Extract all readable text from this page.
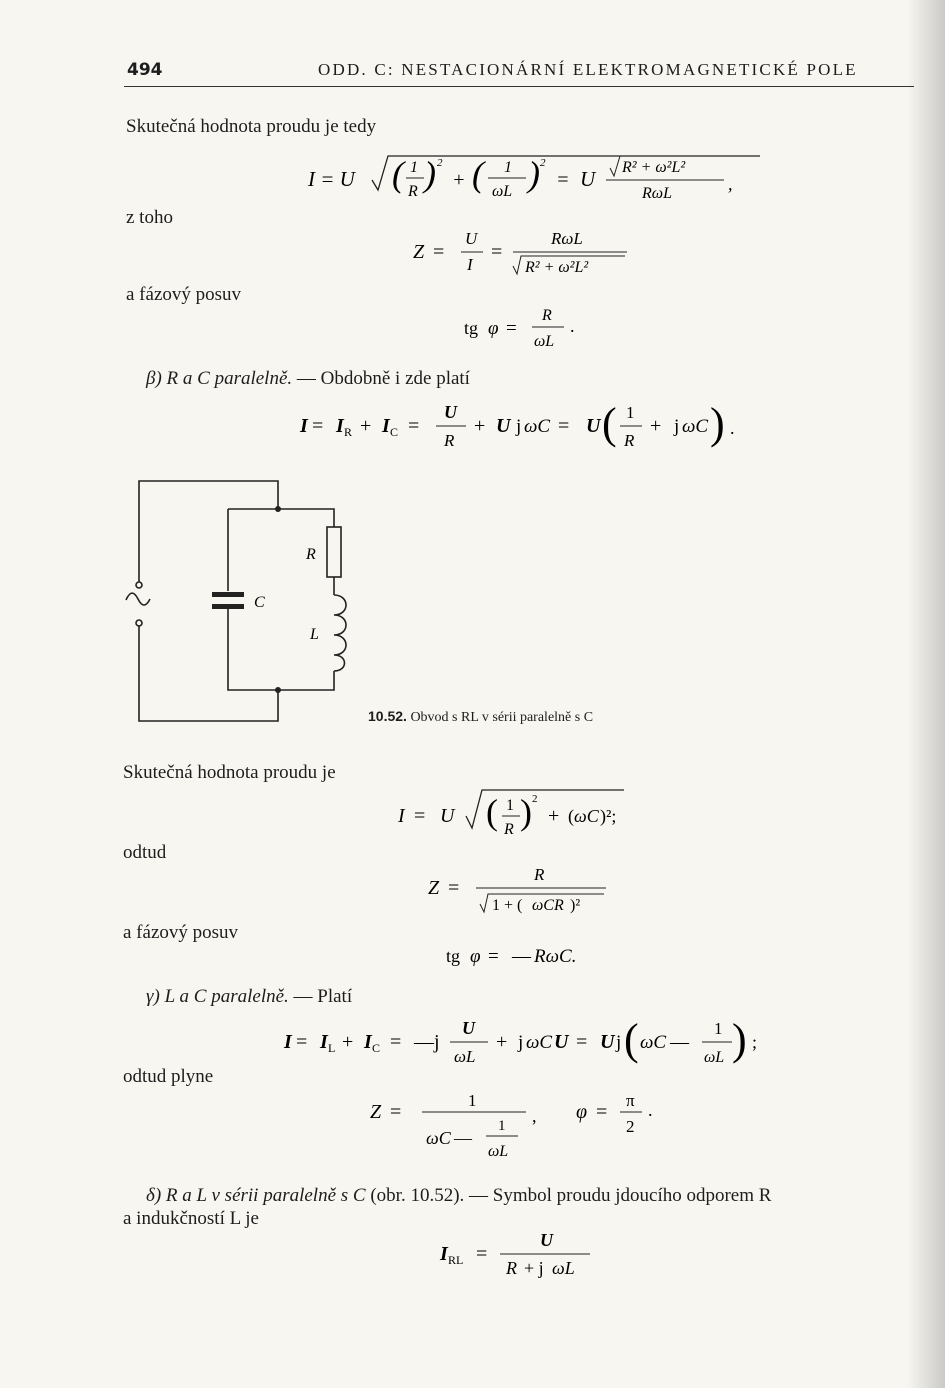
494	ODD. C: NESTACIONÁRNÍ ELEKTROMAGNETICKÉ POLE
Skutečná hodnota proudu je tedy
I = U ( 1
R ) 2
+ ( 1
ωL ) 2
= U R² + ω²L²
RωL	,
z toho
Z =
U
I
=
RωL
R² + ω²L²
a fázový posuv
tg φ =
R
ωL
.
β) R a C paralelně. — Obdobně i zde platí
I = I R + I C =
U
R
+ U j ωC = U ( 1
R
+ j ωC ) .
R
C
L
10.52. Obvod s RL v sérii paralelně s C
Skutečná hodnota proudu je
I = U ( 1
R ) 2
+ ( ωC )²;
odtud
Z =
R
1 + ( ωCR )²
a fázový posuv
tg φ = — RωC.
γ) L a C paralelně. — Platí
I = I L + I C = —j
U
ωL
+ j ωC U = U j ( ωC —
1
ωL ) ;
odtud plyne
Z =
1
ωC —
1
ωL
, φ =
π
2
.
δ) R a L v sérii paralelně s C (obr. 10.52). — Symbol proudu jdoucího odporem R
a indukčností L je
I RL =
U
R + j ωL
